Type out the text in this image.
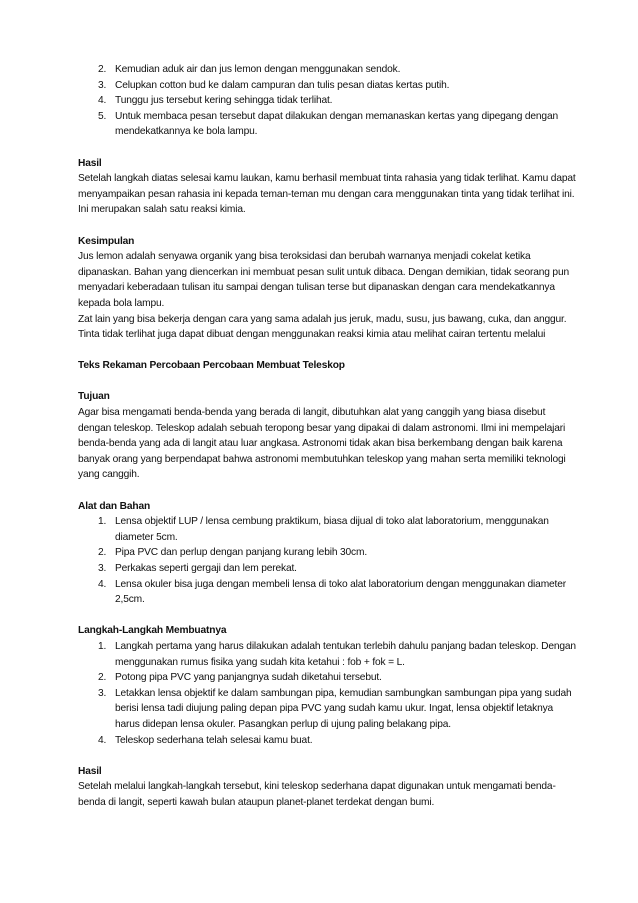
2. Kemudian aduk air dan jus lemon dengan menggunakan sendok.
3. Celupkan cotton bud ke dalam campuran dan tulis pesan diatas kertas putih.
4. Tunggu jus tersebut kering sehingga tidak terlihat.
5. Untuk membaca pesan tersebut dapat dilakukan dengan memanaskan kertas yang dipegang dengan mendekatkannya ke bola lampu.
Hasil

Setelah langkah diatas selesai kamu laukan, kamu berhasil membuat tinta rahasia yang tidak terlihat. Kamu dapat menyampaikan pesan rahasia ini kepada teman-teman mu dengan cara menggunakan tinta yang tidak terlihat ini. Ini merupakan salah satu reaksi kimia.

Kesimpulan

Jus lemon adalah senyawa organik yang bisa teroksidasi dan berubah warnanya menjadi cokelat ketika dipanaskan. Bahan yang diencerkan ini membuat pesan sulit untuk dibaca. Dengan demikian, tidak seorang pun menyadari keberadaan tulisan itu sampai dengan tulisan terse but dipanaskan dengan cara mendekatkannya kepada bola lampu.

Zat lain yang bisa bekerja dengan cara yang sama adalah jus jeruk, madu, susu, jus bawang, cuka, dan anggur. Tinta tidak terlihat juga dapat dibuat dengan menggunakan reaksi kimia atau melihat cairan tertentu melalui

Teks Rekaman Percobaan Percobaan Membuat Teleskop
Tujuan

Agar bisa mengamati benda-benda yang berada di langit, dibutuhkan alat yang canggih yang biasa disebut dengan teleskop. Teleskop adalah sebuah teropong besar yang dipakai di dalam astronomi. Ilmi ini mempelajari benda-benda yang ada di langit atau luar angkasa. Astronomi tidak akan bisa berkembang dengan baik karena banyak orang yang berpendapat bahwa astronomi membutuhkan teleskop yang mahan serta memiliki teknologi yang canggih.

Alat dan Bahan
1. Lensa objektif LUP / lensa cembung praktikum, biasa dijual di toko alat laboratorium, menggunakan diameter 5cm.
2. Pipa PVC dan perlup dengan panjang kurang lebih 30cm.
3. Perkakas seperti gergaji dan lem perekat.
4. Lensa okuler bisa juga dengan membeli lensa di toko alat laboratorium dengan menggunakan diameter 2,5cm.
Langkah-Langkah Membuatnya
1. Langkah pertama yang harus dilakukan adalah tentukan terlebih dahulu panjang badan teleskop. Dengan menggunakan rumus fisika yang sudah kita ketahui : fob + fok = L.
2. Potong pipa PVC yang panjangnya sudah diketahui tersebut.
3. Letakkan lensa objektif ke dalam sambungan pipa, kemudian sambungkan sambungan pipa yang sudah berisi lensa tadi diujung paling depan pipa PVC yang sudah kamu ukur. Ingat, lensa objektif letaknya harus didepan lensa okuler. Pasangkan perlup di ujung paling belakang pipa.
4. Teleskop sederhana telah selesai kamu buat.
Hasil

Setelah melalui langkah-langkah tersebut, kini teleskop sederhana dapat digunakan untuk mengamati benda-benda di langit, seperti kawah bulan ataupun planet-planet terdekat dengan bumi.
